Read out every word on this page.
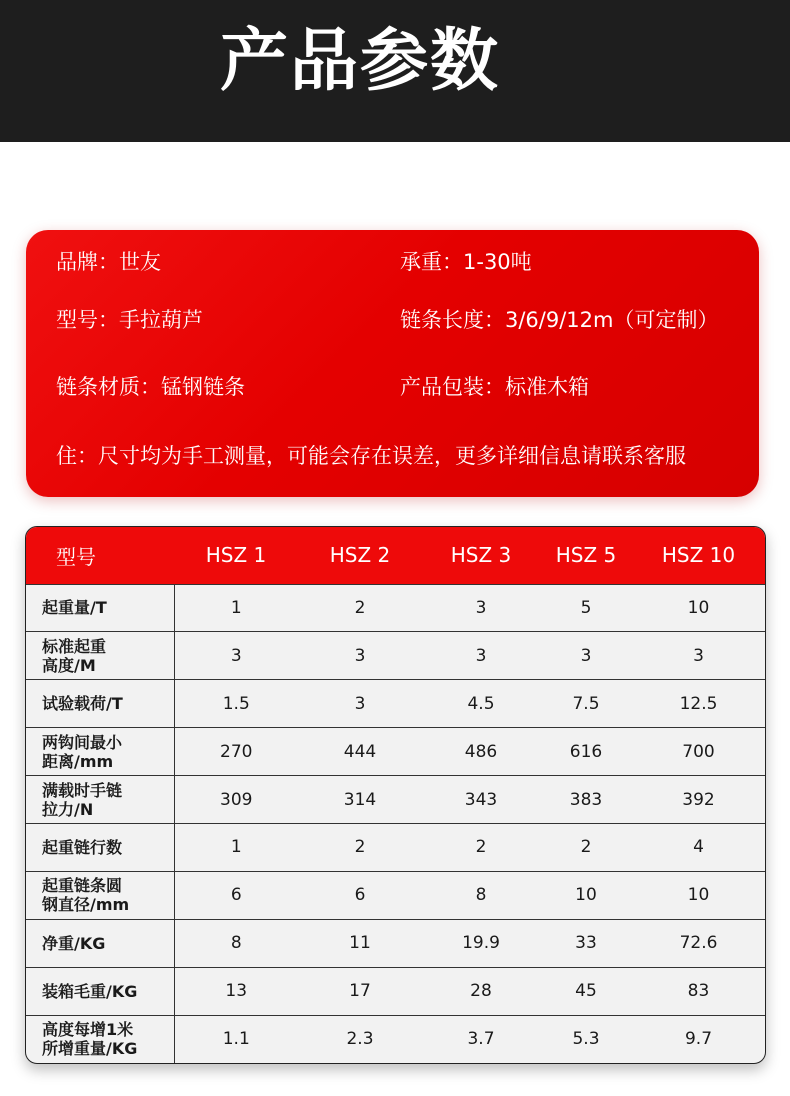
产品参数
品牌：世友	承重：1-30吨
型号：手拉葫芦	链条长度：3/6/9/12m（可定制）
链条材质：锰钢链条	产品包装：标准木箱
住：尺寸均为手工测量，可能会存在误差，更多详细信息请联系客服
型号	HSZ 1	HSZ 2	HSZ 3	HSZ 5	HSZ 10

起重量/T	1	2	3	5	10

标准起重
高度/M	3	3	3	3	3

试验载荷/T	1.5	3	4.5	7.5	12.5

两钩间最小
距离/mm	270	444	486	616	700

满载时手链
拉力/N	309	314	343	383	392

起重链行数	1	2	2	2	4

起重链条圆
钢直径/mm	6	6	8	10	10

净重/KG	8	11	19.9	33	72.6

装箱毛重/KG	13	17	28	45	83

高度每增1米
所增重量/KG	1.1	2.3	3.7	5.3	9.7
